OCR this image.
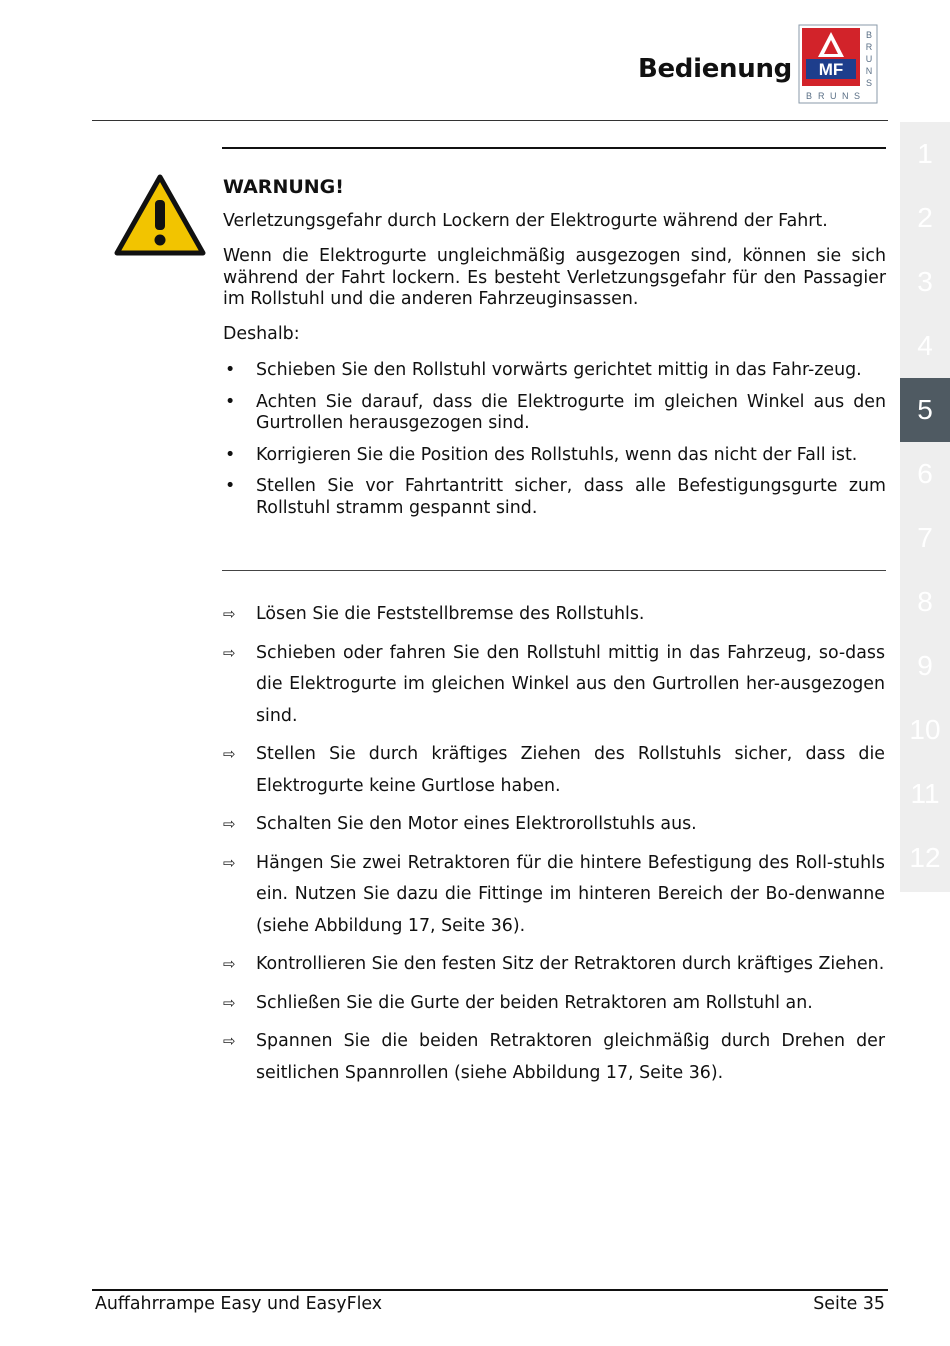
Bedienung MF
B
R
U
N
S
B R U N S
1
2
3
4
5
6
7
8
9
10
11
12
WARNUNG!
Verletzungsgefahr durch Lockern der Elektrogurte während der Fahrt.
Wenn die Elektrogurte ungleichmäßig ausgezogen sind, können sie sich während der Fahrt lockern. Es besteht Verletzungsgefahr für den Passagier im Rollstuhl und die anderen Fahrzeuginsassen.
Deshalb:
• Schieben Sie den Rollstuhl vorwärts gerichtet mittig in das Fahr-zeug.
• Achten Sie darauf, dass die Elektrogurte im gleichen Winkel aus den Gurtrollen herausgezogen sind.
• Korrigieren Sie die Position des Rollstuhls, wenn das nicht der Fall ist.
• Stellen Sie vor Fahrtantritt sicher, dass alle Befestigungsgurte zum Rollstuhl stramm gespannt sind.
⇨ Lösen Sie die Feststellbremse des Rollstuhls.
⇨ Schieben oder fahren Sie den Rollstuhl mittig in das Fahrzeug, so-dass die Elektrogurte im gleichen Winkel aus den Gurtrollen her-ausgezogen sind.
⇨ Stellen Sie durch kräftiges Ziehen des Rollstuhls sicher, dass die Elektrogurte keine Gurtlose haben.
⇨ Schalten Sie den Motor eines Elektrorollstuhls aus.
⇨ Hängen Sie zwei Retraktoren für die hintere Befestigung des Roll-stuhls ein. Nutzen Sie dazu die Fittinge im hinteren Bereich der Bo-denwanne (siehe Abbildung 17, Seite 36).
⇨ Kontrollieren Sie den festen Sitz der Retraktoren durch kräftiges Ziehen.
⇨ Schließen Sie die Gurte der beiden Retraktoren am Rollstuhl an.
⇨ Spannen Sie die beiden Retraktoren gleichmäßig durch Drehen der seitlichen Spannrollen (siehe Abbildung 17, Seite 36).
Auffahrrampe Easy und EasyFlex	Seite 35
